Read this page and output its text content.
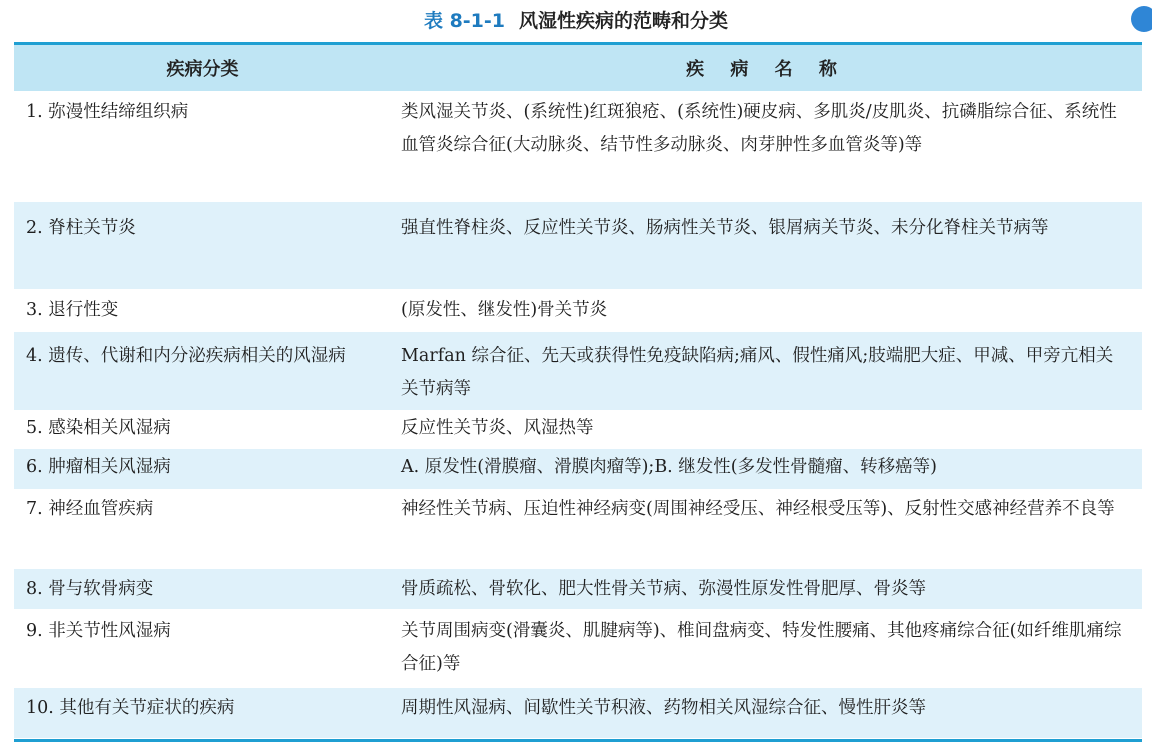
表 8-1-1 风湿性疾病的范畴和分类
疾病分类	疾 病 名 称
1. 弥漫性结缔组织病	类风湿关节炎、(系统性)红斑狼疮、(系统性)硬皮病、多肌炎/皮肌炎、抗磷脂综合征、系统性血管炎综合征(大动脉炎、结节性多动脉炎、肉芽肿性多血管炎等)等
2. 脊柱关节炎	强直性脊柱炎、反应性关节炎、肠病性关节炎、银屑病关节炎、未分化脊柱关节病等
3. 退行性变	(原发性、继发性)骨关节炎
4. 遗传、代谢和内分泌疾病相关的风湿病	Marfan 综合征、先天或获得性免疫缺陷病;痛风、假性痛风;肢端肥大症、甲减、甲旁亢相关关节病等
5. 感染相关风湿病	反应性关节炎、风湿热等
6. 肿瘤相关风湿病	A. 原发性(滑膜瘤、滑膜肉瘤等);B. 继发性(多发性骨髓瘤、转移癌等)
7. 神经血管疾病	神经性关节病、压迫性神经病变(周围神经受压、神经根受压等)、反射性交感神经营养不良等
8. 骨与软骨病变	骨质疏松、骨软化、肥大性骨关节病、弥漫性原发性骨肥厚、骨炎等
9. 非关节性风湿病	关节周围病变(滑囊炎、肌腱病等)、椎间盘病变、特发性腰痛、其他疼痛综合征(如纤维肌痛综合征)等
10. 其他有关节症状的疾病	周期性风湿病、间歇性关节积液、药物相关风湿综合征、慢性肝炎等
